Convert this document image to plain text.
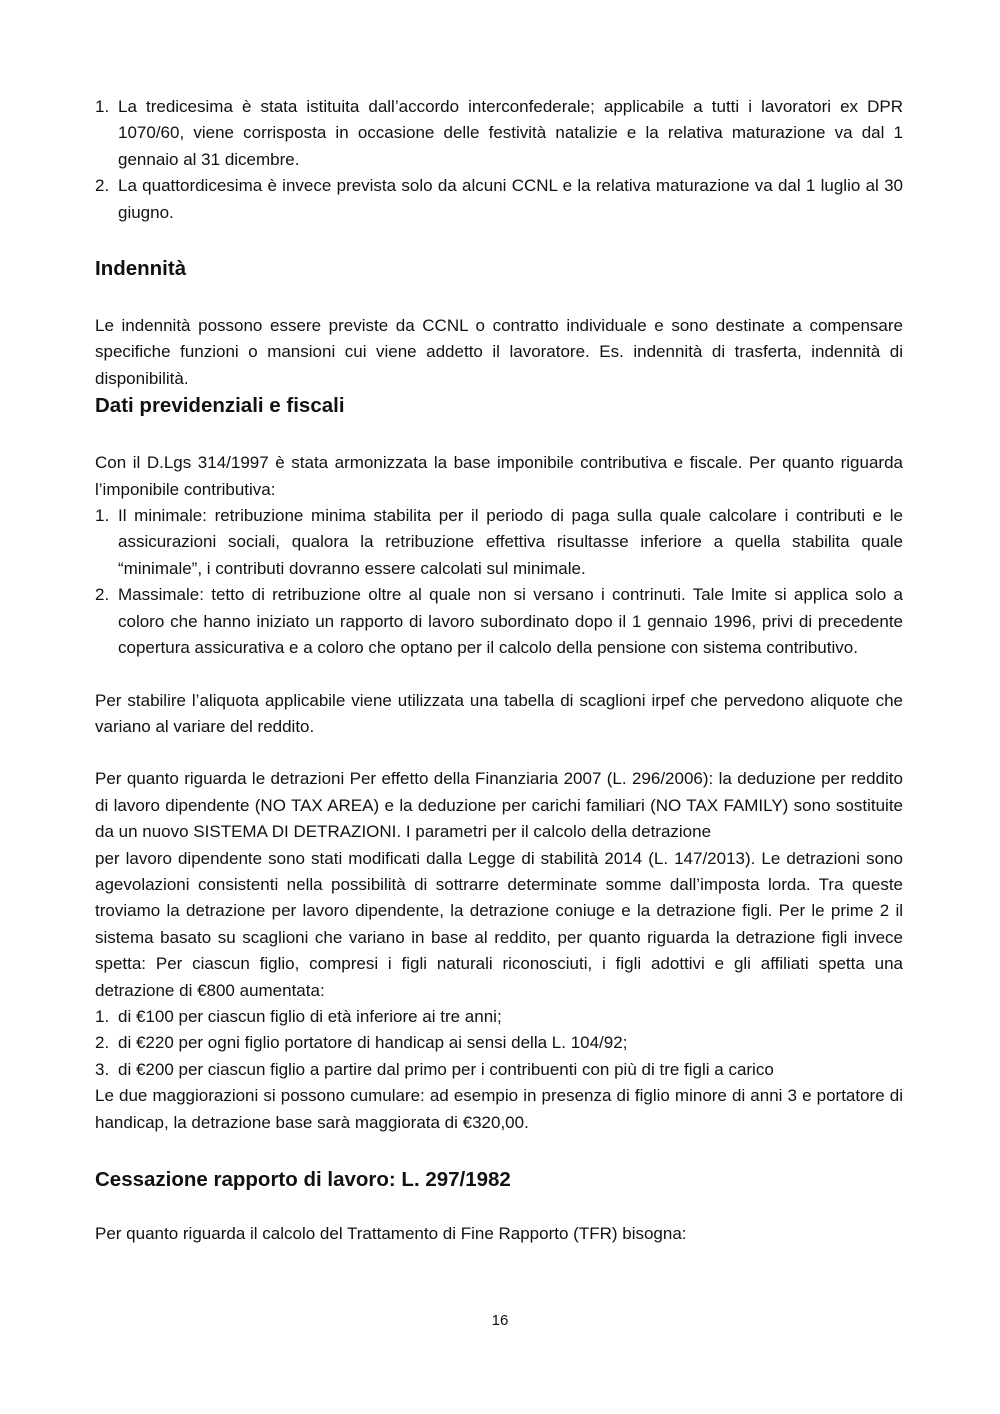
1. La tredicesima è stata istituita dall’accordo interconfederale; applicabile a tutti i lavoratori ex DPR 1070/60, viene corrisposta in occasione delle festività natalizie e la relativa maturazione va dal 1 gennaio al 31 dicembre.
2. La quattordicesima è invece prevista solo da alcuni CCNL e la relativa maturazione va dal 1 luglio al 30 giugno.
Indennità

Le indennità possono essere previste da CCNL o contratto individuale e sono destinate a compensare specifiche funzioni o mansioni cui viene addetto il lavoratore. Es. indennità di trasferta, indennità di disponibilità.

Dati previdenziali e fiscali

Con il D.Lgs 314/1997 è stata armonizzata la base imponibile contributiva e fiscale. Per quanto riguarda l’imponibile contributiva:

1. Il minimale: retribuzione minima stabilita per il periodo di paga sulla quale calcolare i contributi e le assicurazioni sociali, qualora la retribuzione effettiva risultasse inferiore a quella stabilita quale “minimale”, i contributi dovranno essere calcolati sul minimale.
2. Massimale: tetto di retribuzione oltre al quale non si versano i contrinuti. Tale lmite si applica solo a coloro che hanno iniziato un rapporto di lavoro subordinato dopo il 1 gennaio 1996, privi di precedente copertura assicurativa e a coloro che optano per il calcolo della pensione con sistema contributivo.

Per stabilire l’aliquota applicabile viene utilizzata una tabella di scaglioni irpef che pervedono aliquote che variano al variare del reddito.

Per quanto riguarda le detrazioni Per effetto della Finanziaria 2007 (L. 296/2006): la deduzione per reddito di lavoro dipendente (NO TAX AREA) e la deduzione per carichi familiari (NO TAX FAMILY) sono sostituite da un nuovo SISTEMA DI DETRAZIONI. I parametri per il calcolo della detrazione

per lavoro dipendente sono stati modificati dalla Legge di stabilità 2014 (L. 147/2013). Le detrazioni sono agevolazioni consistenti nella possibilità di sottrarre determinate somme dall’imposta lorda. Tra queste troviamo la detrazione per lavoro dipendente, la detrazione coniuge e la detrazione figli. Per le prime 2 il sistema basato su scaglioni che variano in base al reddito, per quanto riguarda la detrazione figli invece spetta: Per ciascun figlio, compresi i figli naturali riconosciuti, i figli adottivi e gli affiliati spetta una detrazione di €800 aumentata:

1. di €100 per ciascun figlio di età inferiore ai tre anni;
2. di €220 per ogni figlio portatore di handicap ai sensi della L. 104/92;
3. di €200 per ciascun figlio a partire dal primo per i contribuenti con più di tre figli a carico

Le due maggiorazioni si possono cumulare: ad esempio in presenza di figlio minore di anni 3 e portatore di handicap, la detrazione base sarà maggiorata di €320,00.

Cessazione rapporto di lavoro: L. 297/1982

Per quanto riguarda il calcolo del Trattamento di Fine Rapporto (TFR) bisogna:

16
